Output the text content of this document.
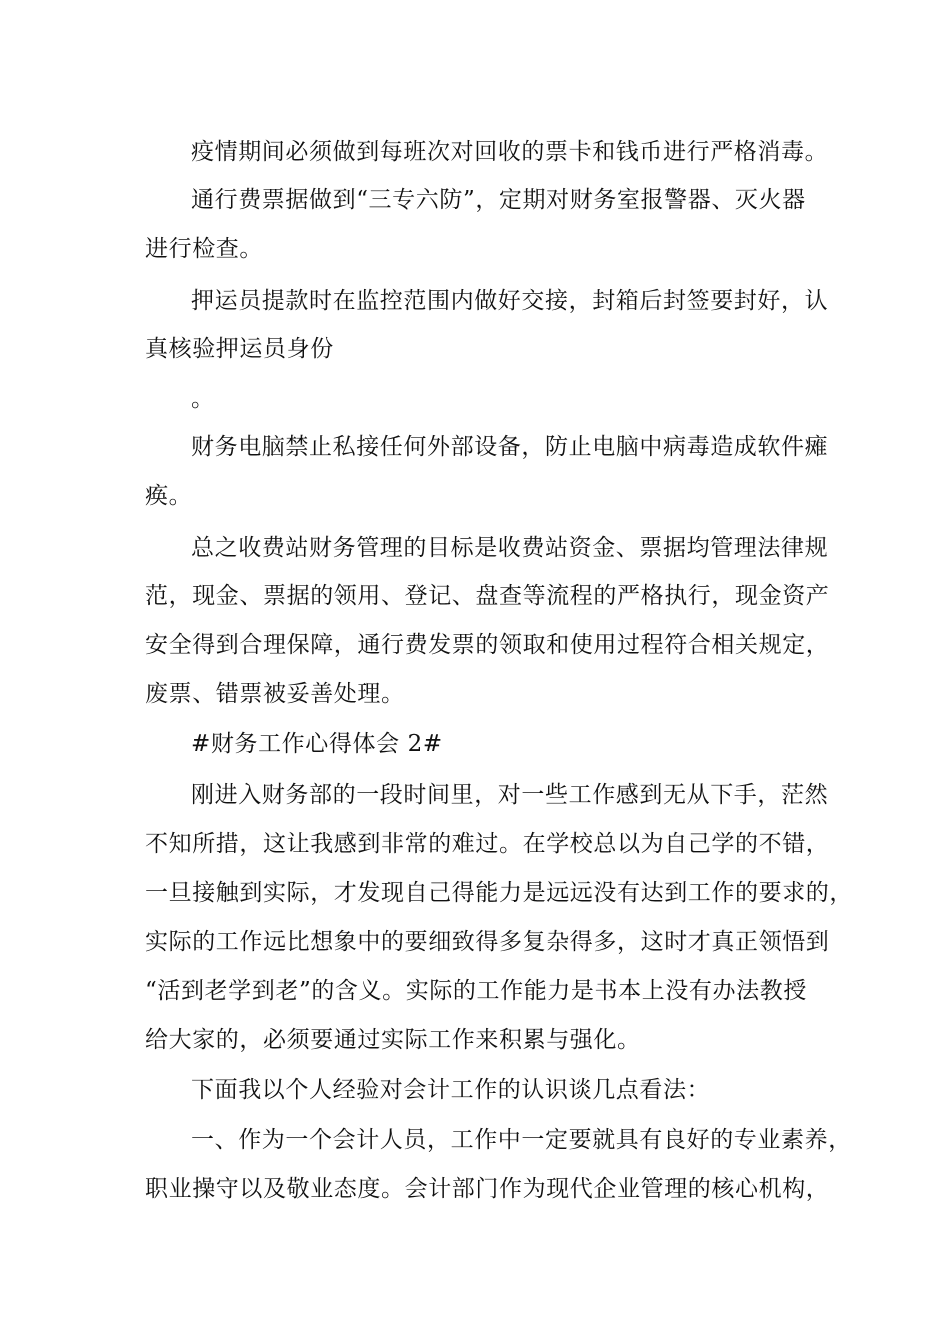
疫情期间必须做到每班次对回收的票卡和钱币进行严格消毒。

通行费票据做到“三专六防”，定期对财务室报警器、灭火器

进行检查。

押运员提款时在监控范围内做好交接，封箱后封签要封好，认

真核验押运员身份

。

财务电脑禁止私接任何外部设备，防止电脑中病毒造成软件瘫

痪。

总之收费站财务管理的目标是收费站资金、票据均管理法律规

范，现金、票据的领用、登记、盘查等流程的严格执行，现金资产

安全得到合理保障，通行费发票的领取和使用过程符合相关规定，

废票、错票被妥善处理。

#财务工作心得体会 2#

刚进入财务部的一段时间里，对一些工作感到无从下手，茫然

不知所措，这让我感到非常的难过。在学校总以为自己学的不错，

一旦接触到实际，才发现自己得能力是远远没有达到工作的要求的，

实际的工作远比想象中的要细致得多复杂得多，这时才真正领悟到

“活到老学到老”的含义。实际的工作能力是书本上没有办法教授

给大家的，必须要通过实际工作来积累与强化。

下面我以个人经验对会计工作的认识谈几点看法：

一、作为一个会计人员，工作中一定要就具有良好的专业素养，

职业操守以及敬业态度。会计部门作为现代企业管理的核心机构，
